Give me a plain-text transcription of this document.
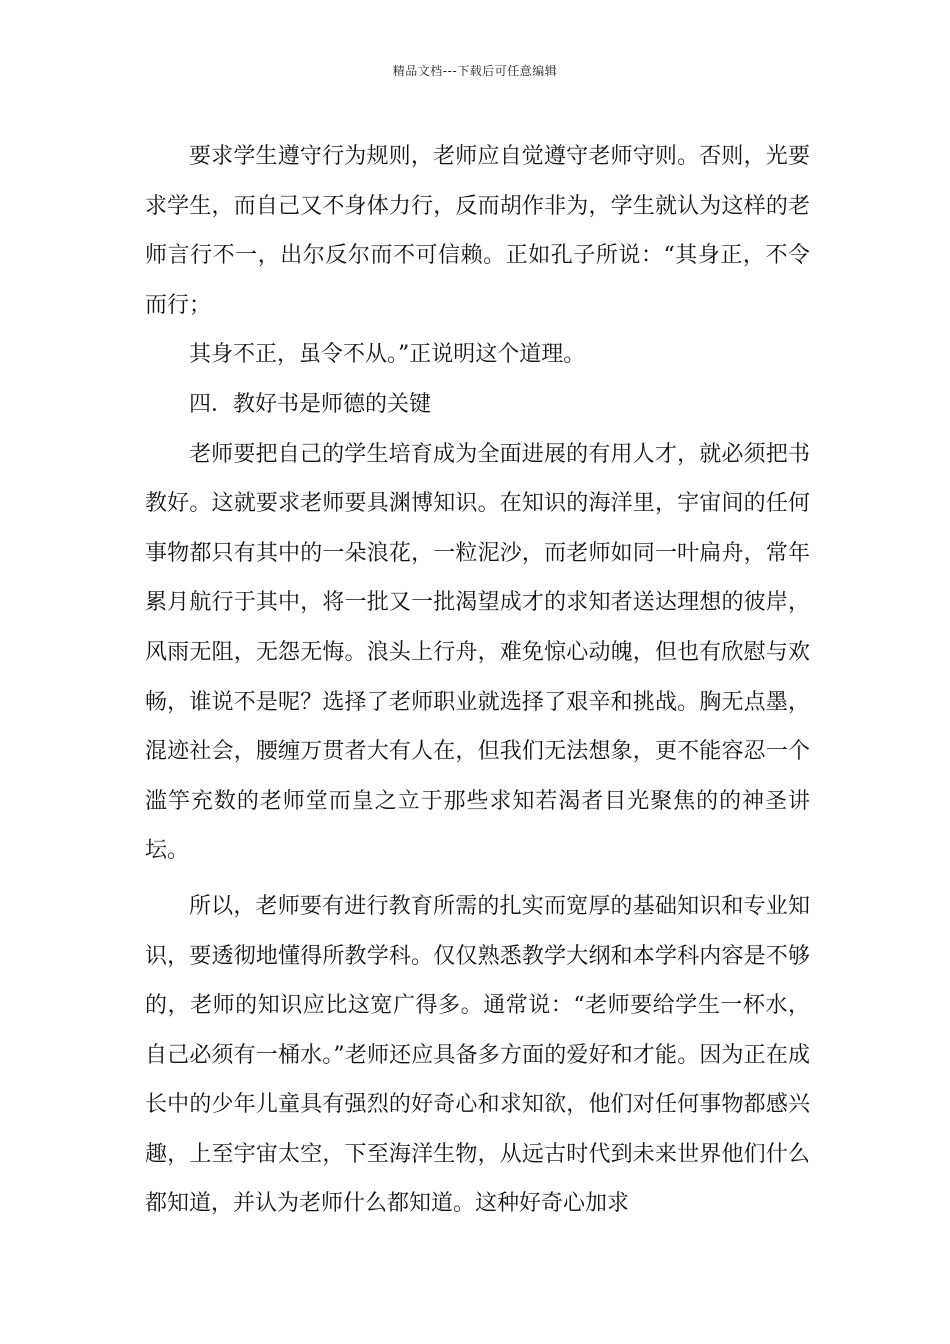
精品文档---下载后可任意编辑

要求学生遵守行为规则，老师应自觉遵守老师守则。否则，光要求学生，而自己又不身体力行，反而胡作非为，学生就认为这样的老师言行不一，出尔反尔而不可信赖。正如孔子所说：“其身正，不令而行；

其身不正，虽令不从。”正说明这个道理。

四．教好书是师德的关键

老师要把自己的学生培育成为全面进展的有用人才，就必须把书教好。这就要求老师要具渊博知识。在知识的海洋里，宇宙间的任何事物都只有其中的一朵浪花，一粒泥沙，而老师如同一叶扁舟，常年累月航行于其中，将一批又一批渴望成才的求知者送达理想的彼岸，风雨无阻，无怨无悔。浪头上行舟，难免惊心动魄，但也有欣慰与欢畅，谁说不是呢？选择了老师职业就选择了艰辛和挑战。胸无点墨，混迹社会，腰缠万贯者大有人在，但我们无法想象，更不能容忍一个滥竽充数的老师堂而皇之立于那些求知若渴者目光聚焦的的神圣讲坛。

所以，老师要有进行教育所需的扎实而宽厚的基础知识和专业知识，要透彻地懂得所教学科。仅仅熟悉教学大纲和本学科内容是不够的，老师的知识应比这宽广得多。通常说：“老师要给学生一杯水，自己必须有一桶水。”老师还应具备多方面的爱好和才能。因为正在成长中的少年儿童具有强烈的好奇心和求知欲，他们对任何事物都感兴趣，上至宇宙太空，下至海洋生物，从远古时代到未来世界他们什么都知道，并认为老师什么都知道。这种好奇心加求
